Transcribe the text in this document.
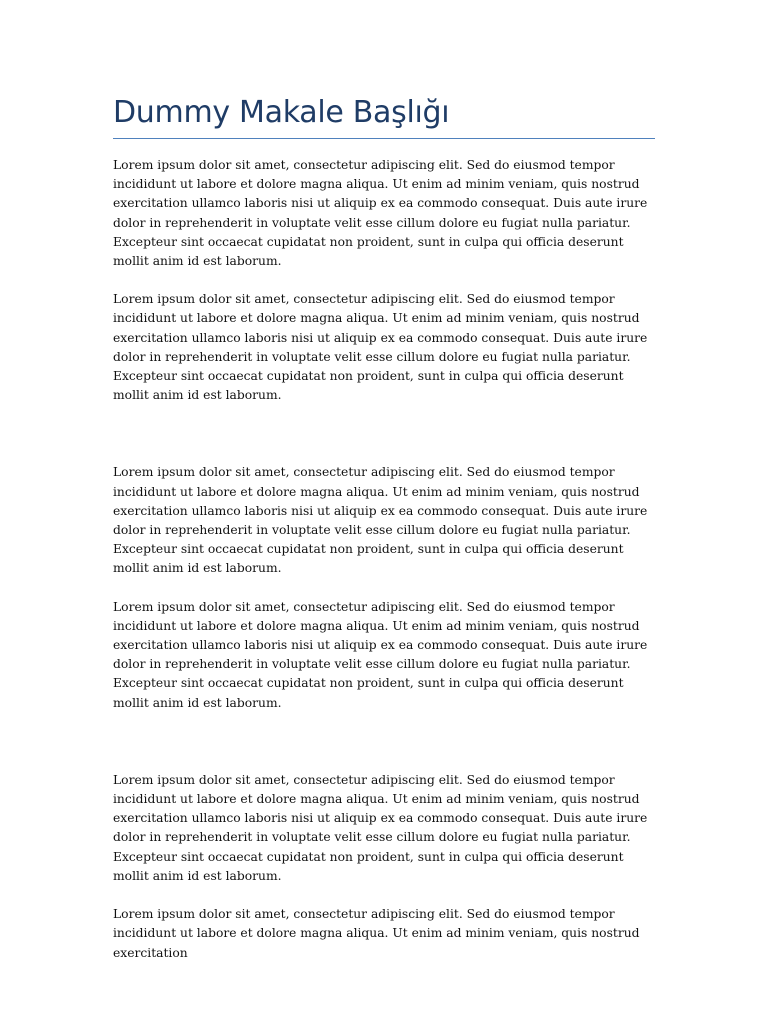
Dummy Makale Başlığı

Lorem ipsum dolor sit amet, consectetur adipiscing elit. Sed do eiusmod tempor incididunt ut labore et dolore magna aliqua. Ut enim ad minim veniam, quis nostrud exercitation ullamco laboris nisi ut aliquip ex ea commodo consequat. Duis aute irure dolor in reprehenderit in voluptate velit esse cillum dolore eu fugiat nulla pariatur. Excepteur sint occaecat cupidatat non proident, sunt in culpa qui officia deserunt mollit anim id est laborum.

Lorem ipsum dolor sit amet, consectetur adipiscing elit. Sed do eiusmod tempor incididunt ut labore et dolore magna aliqua. Ut enim ad minim veniam, quis nostrud exercitation ullamco laboris nisi ut aliquip ex ea commodo consequat. Duis aute irure dolor in reprehenderit in voluptate velit esse cillum dolore eu fugiat nulla pariatur. Excepteur sint occaecat cupidatat non proident, sunt in culpa qui officia deserunt mollit anim id est laborum.

Lorem ipsum dolor sit amet, consectetur adipiscing elit. Sed do eiusmod tempor incididunt ut labore et dolore magna aliqua. Ut enim ad minim veniam, quis nostrud exercitation ullamco laboris nisi ut aliquip ex ea commodo consequat. Duis aute irure dolor in reprehenderit in voluptate velit esse cillum dolore eu fugiat nulla pariatur. Excepteur sint occaecat cupidatat non proident, sunt in culpa qui officia deserunt mollit anim id est laborum.

Lorem ipsum dolor sit amet, consectetur adipiscing elit. Sed do eiusmod tempor incididunt ut labore et dolore magna aliqua. Ut enim ad minim veniam, quis nostrud exercitation ullamco laboris nisi ut aliquip ex ea commodo consequat. Duis aute irure dolor in reprehenderit in voluptate velit esse cillum dolore eu fugiat nulla pariatur. Excepteur sint occaecat cupidatat non proident, sunt in culpa qui officia deserunt mollit anim id est laborum.

Lorem ipsum dolor sit amet, consectetur adipiscing elit. Sed do eiusmod tempor incididunt ut labore et dolore magna aliqua. Ut enim ad minim veniam, quis nostrud exercitation ullamco laboris nisi ut aliquip ex ea commodo consequat. Duis aute irure dolor in reprehenderit in voluptate velit esse cillum dolore eu fugiat nulla pariatur. Excepteur sint occaecat cupidatat non proident, sunt in culpa qui officia deserunt mollit anim id est laborum.

Lorem ipsum dolor sit amet, consectetur adipiscing elit. Sed do eiusmod tempor incididunt ut labore et dolore magna aliqua. Ut enim ad minim veniam, quis nostrud exercitation
